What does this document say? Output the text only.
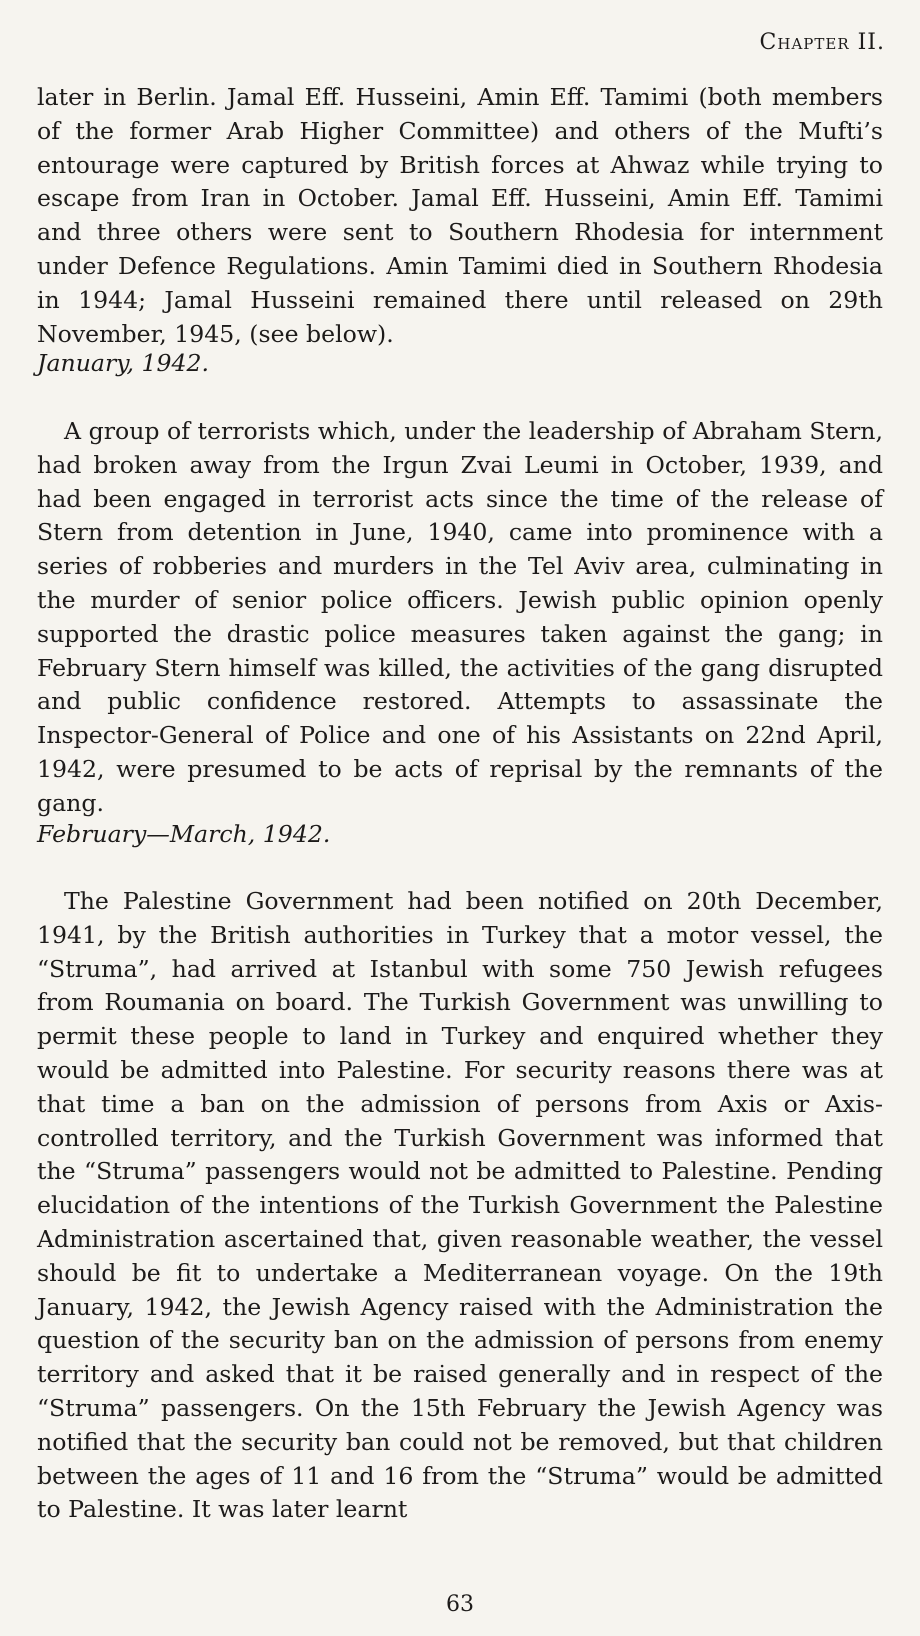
Chapter II.

later in Berlin. Jamal Eff. Husseini, Amin Eff. Tamimi (both members of the former Arab Higher Committee) and others of the Mufti’s entourage were captured by British forces at Ahwaz while trying to escape from Iran in October. Jamal Eff. Husseini, Amin Eff. Tamimi and three others were sent to Southern Rhodesia for internment under Defence Regulations. Amin Tamimi died in Southern Rhodesia in 1944; Jamal Husseini remained there until released on 29th November, 1945, (see below).

January, 1942.

A group of terrorists which, under the leadership of Abraham Stern, had broken away from the Irgun Zvai Leumi in October, 1939, and had been engaged in terrorist acts since the time of the release of Stern from detention in June, 1940, came into prominence with a series of robberies and murders in the Tel Aviv area, culminating in the murder of senior police officers. Jewish public opinion openly supported the drastic police measures taken against the gang; in February Stern himself was killed, the activities of the gang disrupted and public confidence restored. Attempts to assassinate the Inspector-General of Police and one of his Assistants on 22nd April, 1942, were presumed to be acts of reprisal by the remnants of the gang.

February—March, 1942.

The Palestine Government had been notified on 20th December, 1941, by the British authorities in Turkey that a motor vessel, the “Struma”, had arrived at Istanbul with some 750 Jewish refugees from Roumania on board. The Turkish Government was unwilling to permit these people to land in Turkey and enquired whether they would be admitted into Palestine. For security reasons there was at that time a ban on the admission of persons from Axis or Axis-controlled territory, and the Turkish Government was informed that the “Struma” passengers would not be admitted to Palestine. Pending elucidation of the intentions of the Turkish Government the Palestine Administration ascertained that, given reasonable weather, the vessel should be fit to undertake a Mediterranean voyage. On the 19th January, 1942, the Jewish Agency raised with the Administration the question of the security ban on the admission of persons from enemy territory and asked that it be raised generally and in respect of the “Struma” passengers. On the 15th February the Jewish Agency was notified that the security ban could not be removed, but that children between the ages of 11 and 16 from the “Struma” would be admitted to Palestine. It was later learnt

63
